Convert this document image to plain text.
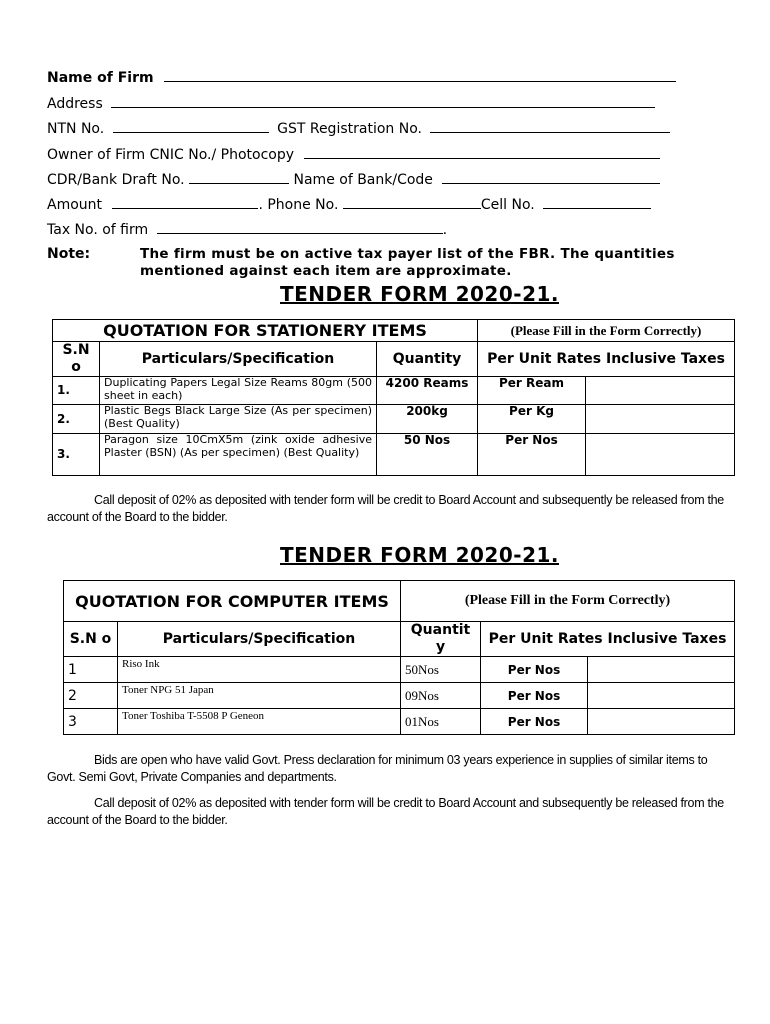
Name of Firm
Address
NTN No.	GST Registration No.
Owner of Firm CNIC No./ Photocopy
CDR/Bank Draft No.	Name of Bank/Code
Amount	. Phone No.	Cell No.
Tax No. of firm	.
Note:	The firm must be on active tax payer list of the FBR. The quantities mentioned against each item are approximate.
TENDER FORM 2020-21.
QUOTATION FOR STATIONERY ITEMS			(Please Fill in the Form Correctly)	
S.N o	Particulars/Specification	Quantity	Per Unit Rates Inclusive Taxes	
1.	Duplicating Papers Legal Size Reams 80gm (500 sheet in each)	4200 Reams	Per Ream	
2.	Plastic Begs Black Large Size (As per specimen) (Best Quality)	200kg	Per Kg	
3.	Paragon size 10CmX5m (zink oxide adhesive Plaster (BSN) (As per specimen) (Best Quality)	50 Nos	Per Nos	
Call deposit of 02% as deposited with tender form will be credit to Board Account and subsequently be released from the account of the Board to the bidder.
TENDER FORM 2020-21.
QUOTATION FOR COMPUTER ITEMS		(Please Fill in the Form Correctly)		
S.N o	Particulars/Specification	Quantit y	Per Unit Rates Inclusive Taxes	
1	Riso Ink	50Nos	Per Nos	
2	Toner NPG 51 Japan	09Nos	Per Nos	
3	Toner Toshiba T-5508 P Geneon	01Nos	Per Nos	
Bids are open who have valid Govt. Press declaration for minimum 03 years experience in supplies of similar items to Govt. Semi Govt, Private Companies and departments.
Call deposit of 02% as deposited with tender form will be credit to Board Account and subsequently be released from the account of the Board to the bidder.
